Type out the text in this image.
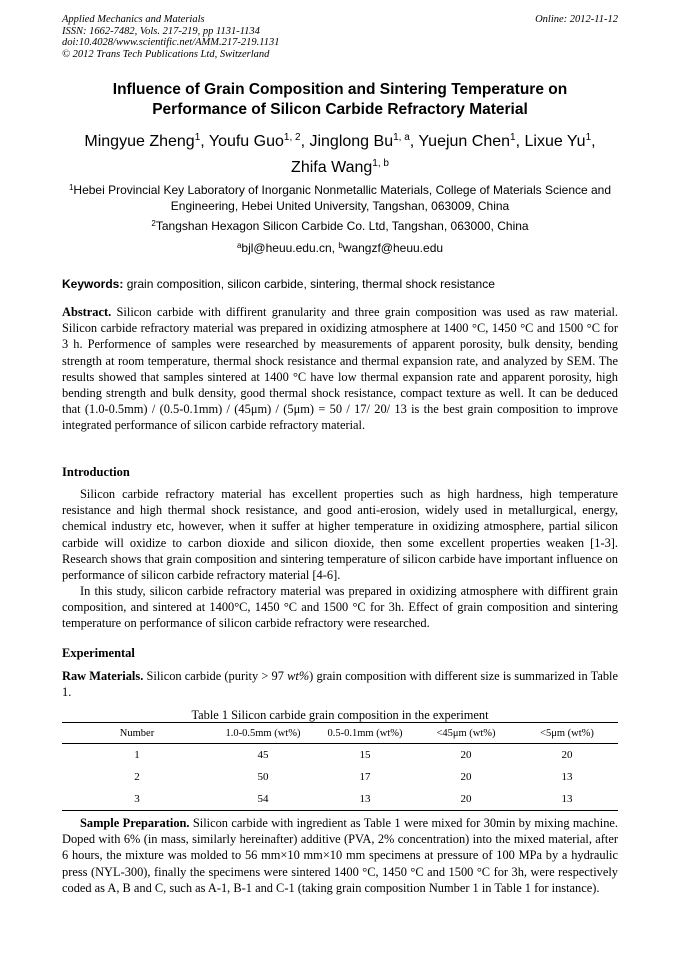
Applied Mechanics and Materials
ISSN: 1662-7482, Vols. 217-219, pp 1131-1134
doi:10.4028/www.scientific.net/AMM.217-219.1131
© 2012 Trans Tech Publications Ltd, Switzerland
Online: 2012-11-12
Influence of Grain Composition and Sintering Temperature on
Performance of Silicon Carbide Refractory Material
Mingyue Zheng$^1$, Youfu Guo$^{1, 2}$, Jinglong Bu$^{1, a}$, Yuejun Chen$^1$, Lixue Yu$^1$,
Zhifa Wang$^{1, b}$
$^1$Hebei Provincial Key Laboratory of Inorganic Nonmetallic Materials, College of Materials Science and Engineering, Hebei United University, Tangshan, 063009, China
$^2$Tangshan Hexagon Silicon Carbide Co. Ltd, Tangshan, 063000, China
$^a$bjl@heuu.edu.cn, $^b$wangzf@heuu.edu
Keywords: grain composition, silicon carbide, sintering, thermal shock resistance
Abstract. Silicon carbide with diffirent granularity and three grain composition was used as raw material. Silicon carbide refractory material was prepared in oxidizing atmosphere at 1400 °C, 1450 °C and 1500 °C for 3 h. Performence of samples were researched by measurements of apparent porosity, bulk density, bending strength at room temperature, thermal shock resistance and thermal expansion rate, and analyzed by SEM. The results showed that samples sintered at 1400 °C have low thermal expansion rate and apparent porosity, high bending strength and bulk density, good thermal shock resistance, compact texture as well. It can be deduced that (1.0-0.5mm) / (0.5-0.1mm) / (45μm) / (5μm) = 50 / 17/ 20/ 13 is the best grain composition to improve integrated performance of silicon carbide refractory material.
Introduction
Silicon carbide refractory material has excellent properties such as high hardness, high temperature resistance and high thermal shock resistance, and good anti-erosion, widely used in metallurgical, energy, chemical industry etc, however, when it suffer at higher temperature in oxidizing atmosphere, partial silicon carbide will oxidize to carbon dioxide and silicon dioxide, then some excellent properties weaken [1-3]. Research shows that grain composition and sintering temperature of silicon carbide have important influence on performance of silicon carbide refractory material [4-6].
In this study, silicon carbide refractory material was prepared in oxidizing atmosphere with diffirent grain composition, and sintered at 1400°C, 1450 °C and 1500 °C for 3h. Effect of grain composition and sintering temperature on performance of silicon carbide refractory were researched.
Experimental
Raw Materials. Silicon carbide (purity > 97 wt%) grain composition with different size is summarized in Table 1.
Table 1 Silicon carbide grain composition in the experiment
Number	1.0-0.5mm (wt%)	0.5-0.1mm (wt%)	<45μm (wt%)	<5μm (wt%)
1	45	15	20	20
2	50	17	20	13
3	54	13	20	13
Sample Preparation. Silicon carbide with ingredient as Table 1 were mixed for 30min by mixing machine. Doped with 6% (in mass, similarly hereinafter) additive (PVA, 2% concentration) into the mixed material, after 6 hours, the mixture was molded to 56 mm×10 mm×10 mm specimens at pressure of 100 MPa by a hydraulic press (NYL-300), finally the specimens were sintered 1400 °C, 1450 °C and 1500 °C for 3h, were respectively coded as A, B and C, such as A-1, B-1 and C-1 (taking grain composition Number 1 in Table 1 for instance).
